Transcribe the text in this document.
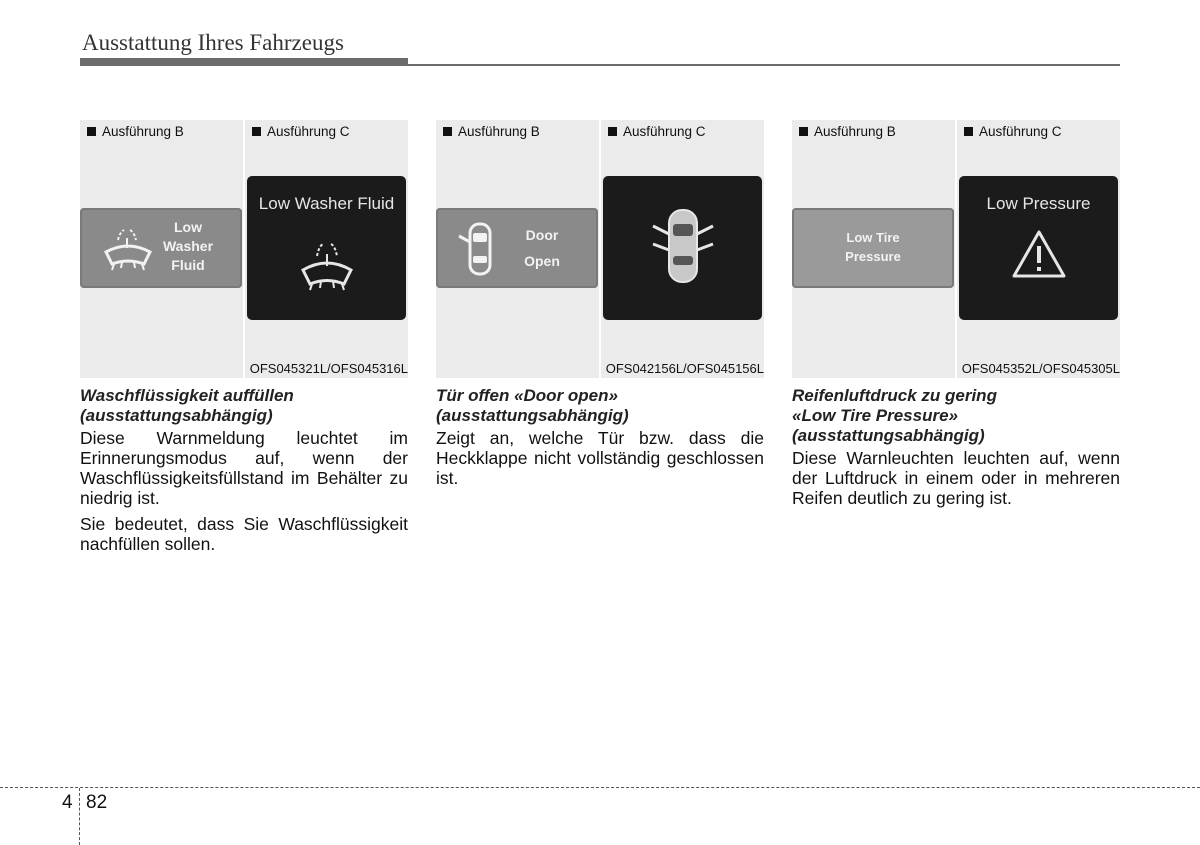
Ausstattung Ihres Fahrzeugs
Ausführung B	Ausführung C
Low
Washer
Fluid
Low Washer Fluid
OFS045321L/OFS045316L
Waschflüssigkeit auffüllen
(ausstattungsabhängig)

Diese Warnmeldung leuchtet im Erinnerungsmodus auf, wenn der Waschflüssigkeitsfüllstand im Behälter zu niedrig ist.

Sie bedeutet, dass Sie Waschflüssigkeit nachfüllen sollen.

Ausführung B	Ausführung C
Door
Open
OFS042156L/OFS045156L
Tür offen «Door open»
(ausstattungsabhängig)

Zeigt an, welche Tür bzw. dass die Heckklappe nicht vollständig geschlossen ist.

Ausführung B	Ausführung C
Low Tire
Pressure
Low Pressure
OFS045352L/OFS045305L
Reifenluftdruck zu gering
«Low Tire Pressure»
(ausstattungsabhängig)

Diese Warnleuchten leuchten auf, wenn der Luftdruck in einem oder in mehreren Reifen deutlich zu gering ist.

4 82
